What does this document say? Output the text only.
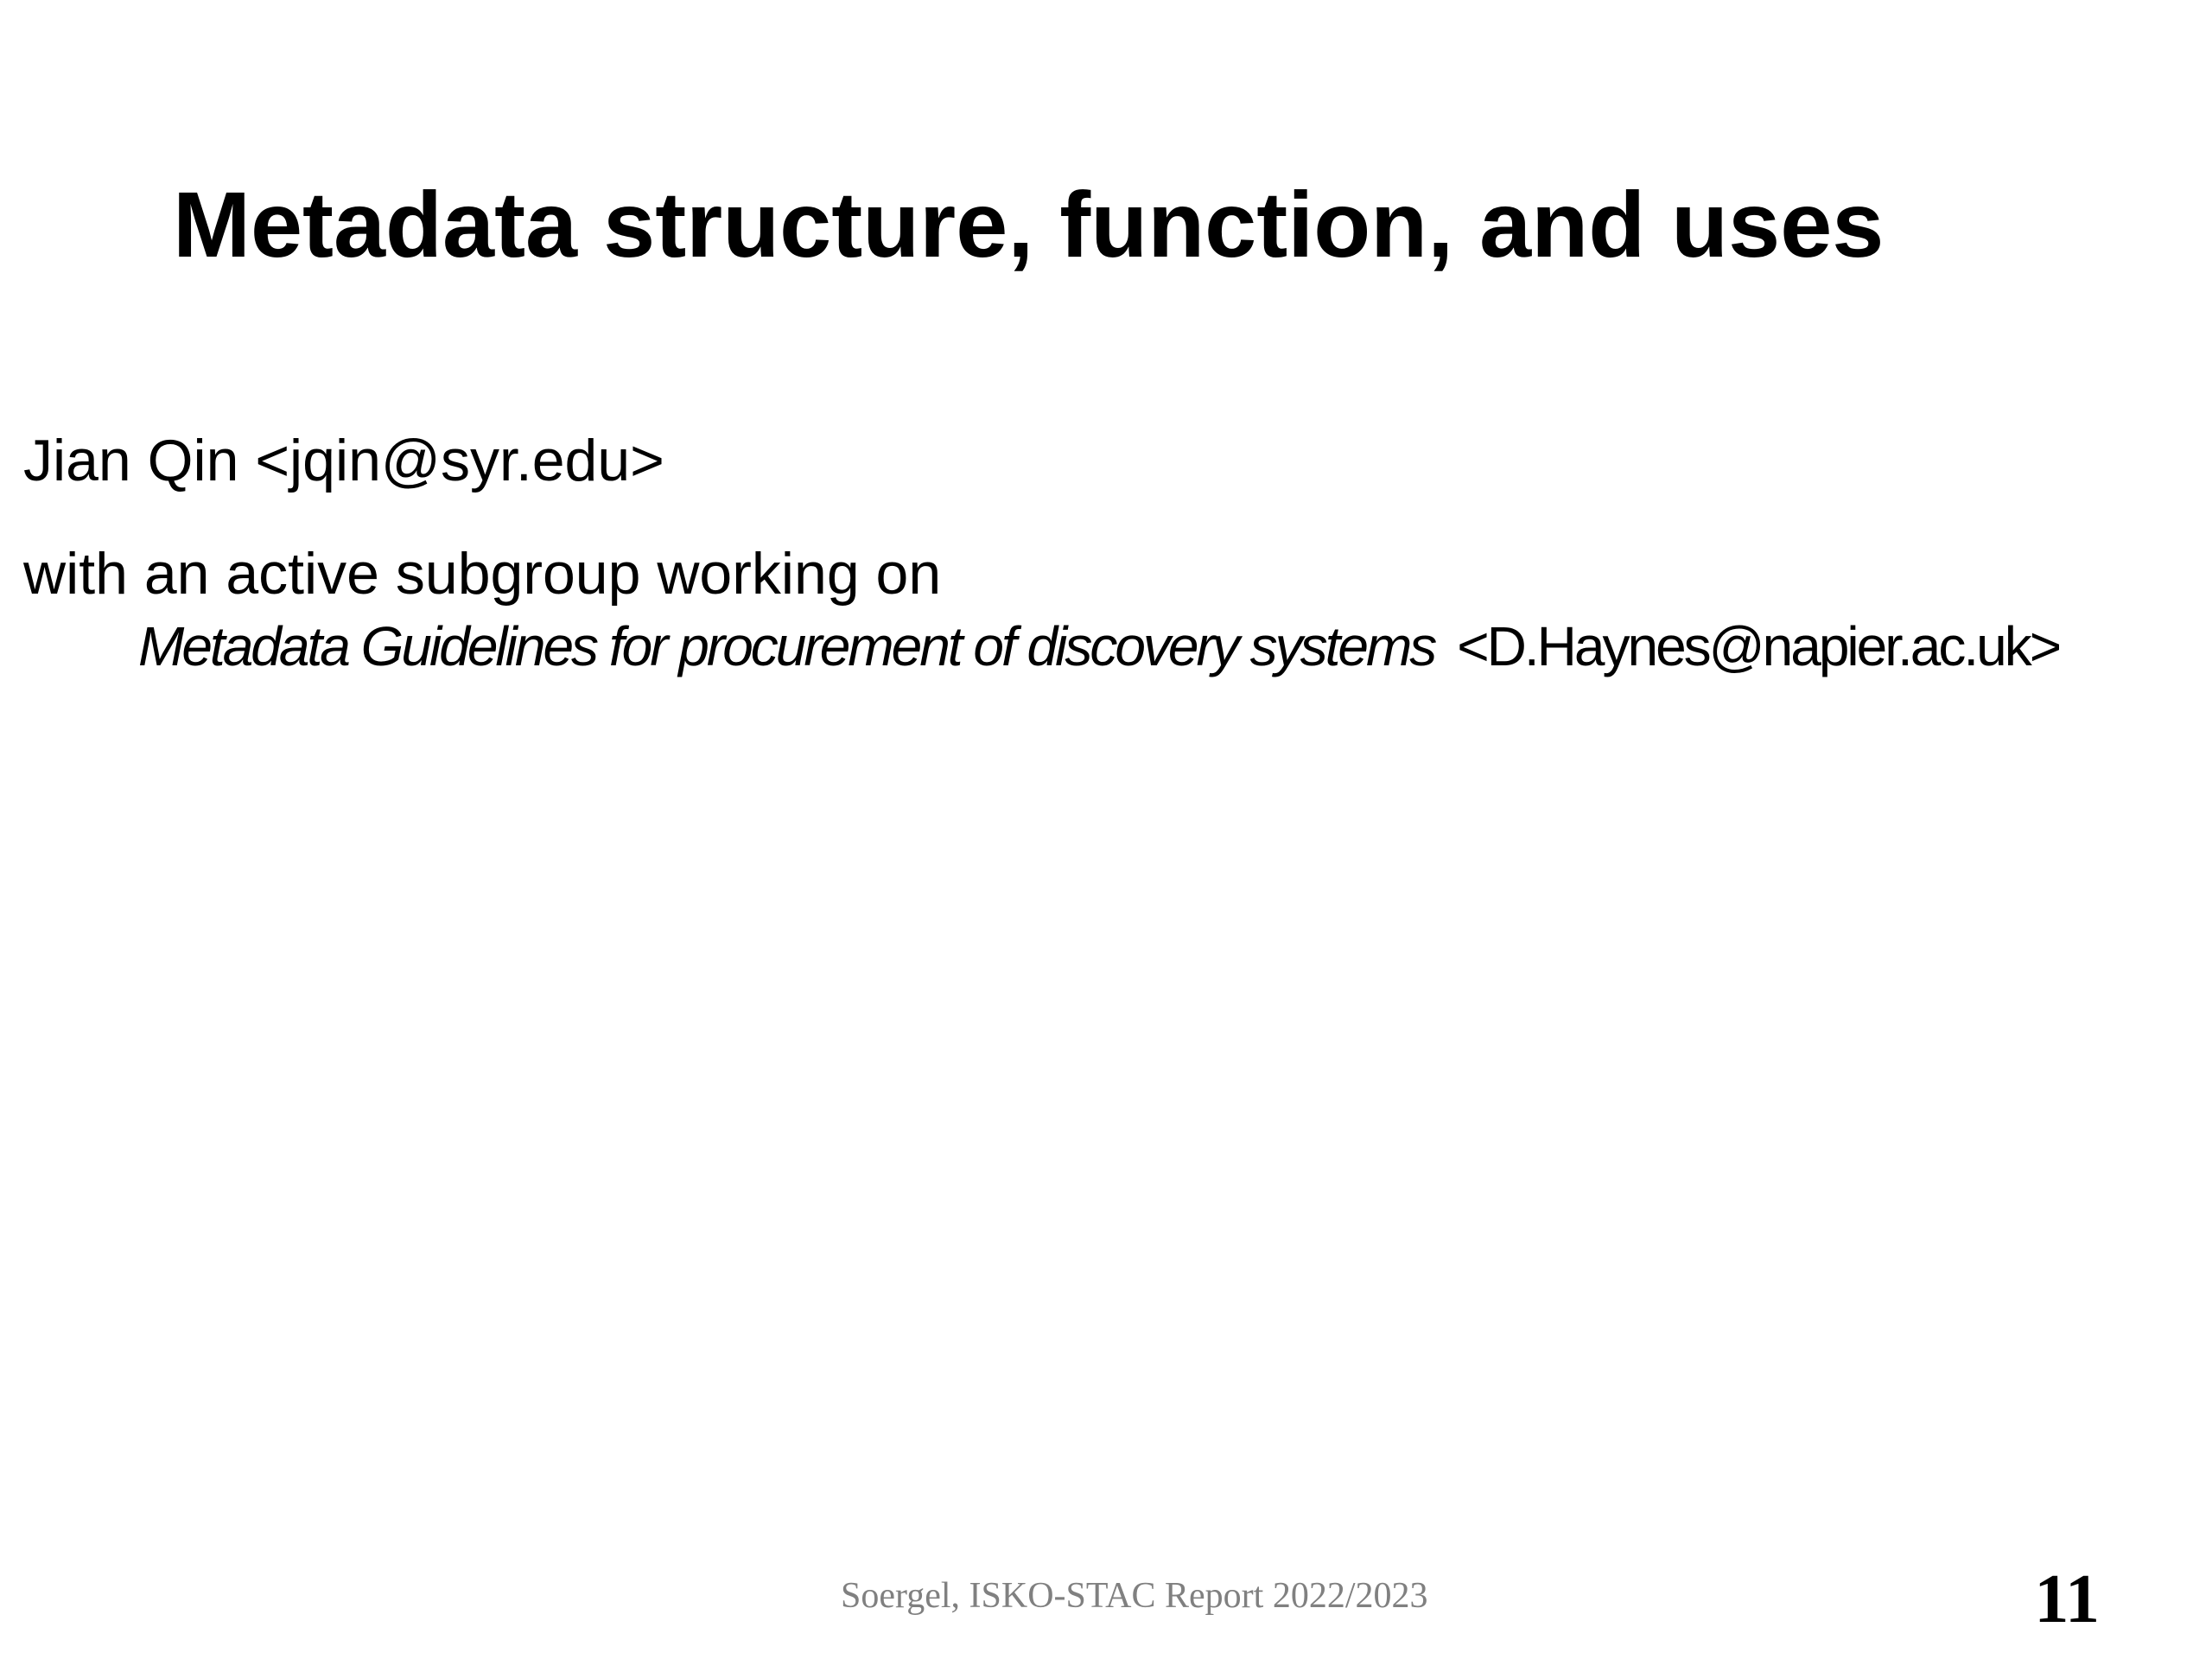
Metadata structure, function, and uses
Jian Qin <jqin@syr.edu>
with an active subgroup working on
Metadata Guidelines for procurement of discovery systems <D.Haynes@napier.ac.uk>
Soergel, ISKO-STAC Report 2022/2023	11
